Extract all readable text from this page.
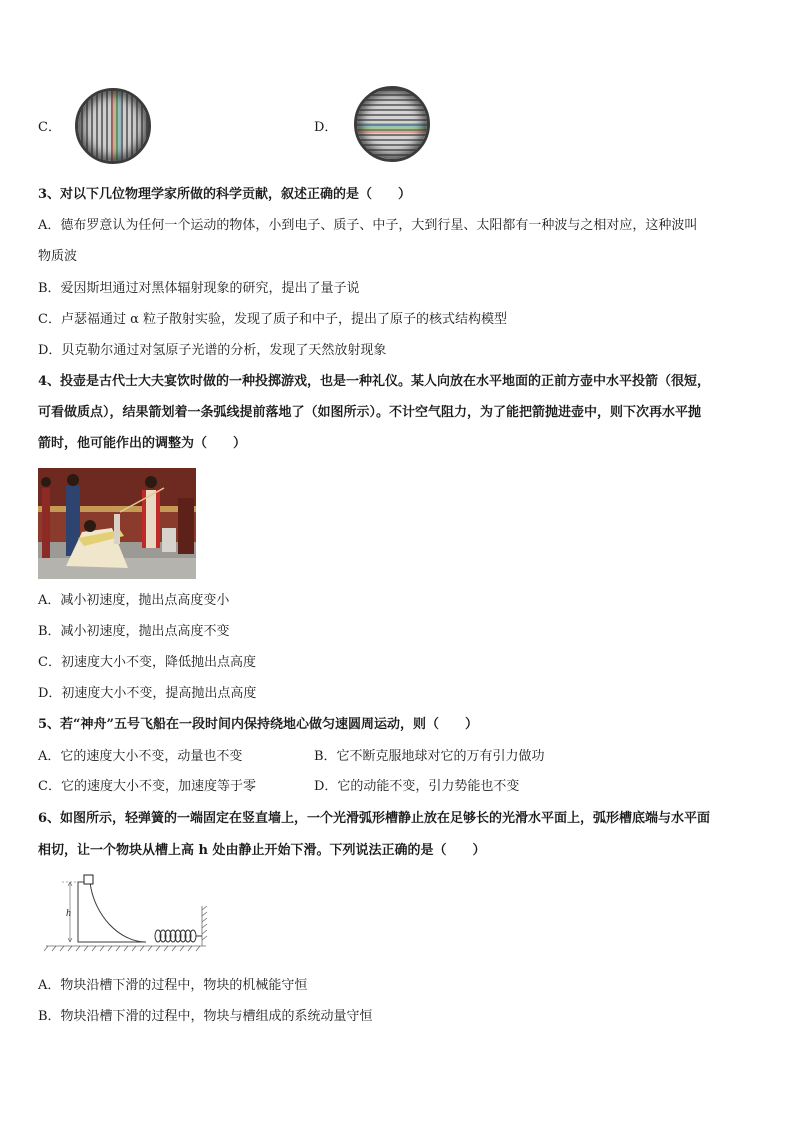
C．	D．
3、对以下几位物理学家所做的科学贡献，叙述正确的是（　　）
A．德布罗意认为任何一个运动的物体，小到电子、质子、中子，大到行星、太阳都有一种波与之相对应，这种波叫
物质波
B．爱因斯坦通过对黑体辐射现象的研究，提出了量子说
C．卢瑟福通过 α 粒子散射实验，发现了质子和中子，提出了原子的核式结构模型
D．贝克勒尔通过对氢原子光谱的分析，发现了天然放射现象
4、投壶是古代士大夫宴饮时做的一种投掷游戏，也是一种礼仪。某人向放在水平地面的正前方壶中水平投箭（很短，
可看做质点），结果箭划着一条弧线提前落地了（如图所示）。不计空气阻力，为了能把箭抛进壶中，则下次再水平抛
箭时，他可能作出的调整为（　　）
A．减小初速度，抛出点高度变小
B．减小初速度，抛出点高度不变
C．初速度大小不变，降低抛出点高度
D．初速度大小不变，提高抛出点高度
5、若“神舟”五号飞船在一段时间内保持绕地心做匀速圆周运动，则（　　）
A．它的速度大小不变，动量也不变	B．它不断克服地球对它的万有引力做功
C．它的速度大小不变，加速度等于零	D．它的动能不变，引力势能也不变
6、如图所示，轻弹簧的一端固定在竖直墙上，一个光滑弧形槽静止放在足够长的光滑水平面上，弧形槽底端与水平面
相切，让一个物块从槽上高 h 处由静止开始下滑。下列说法正确的是（　　）
h
A．物块沿槽下滑的过程中，物块的机械能守恒
B．物块沿槽下滑的过程中，物块与槽组成的系统动量守恒
